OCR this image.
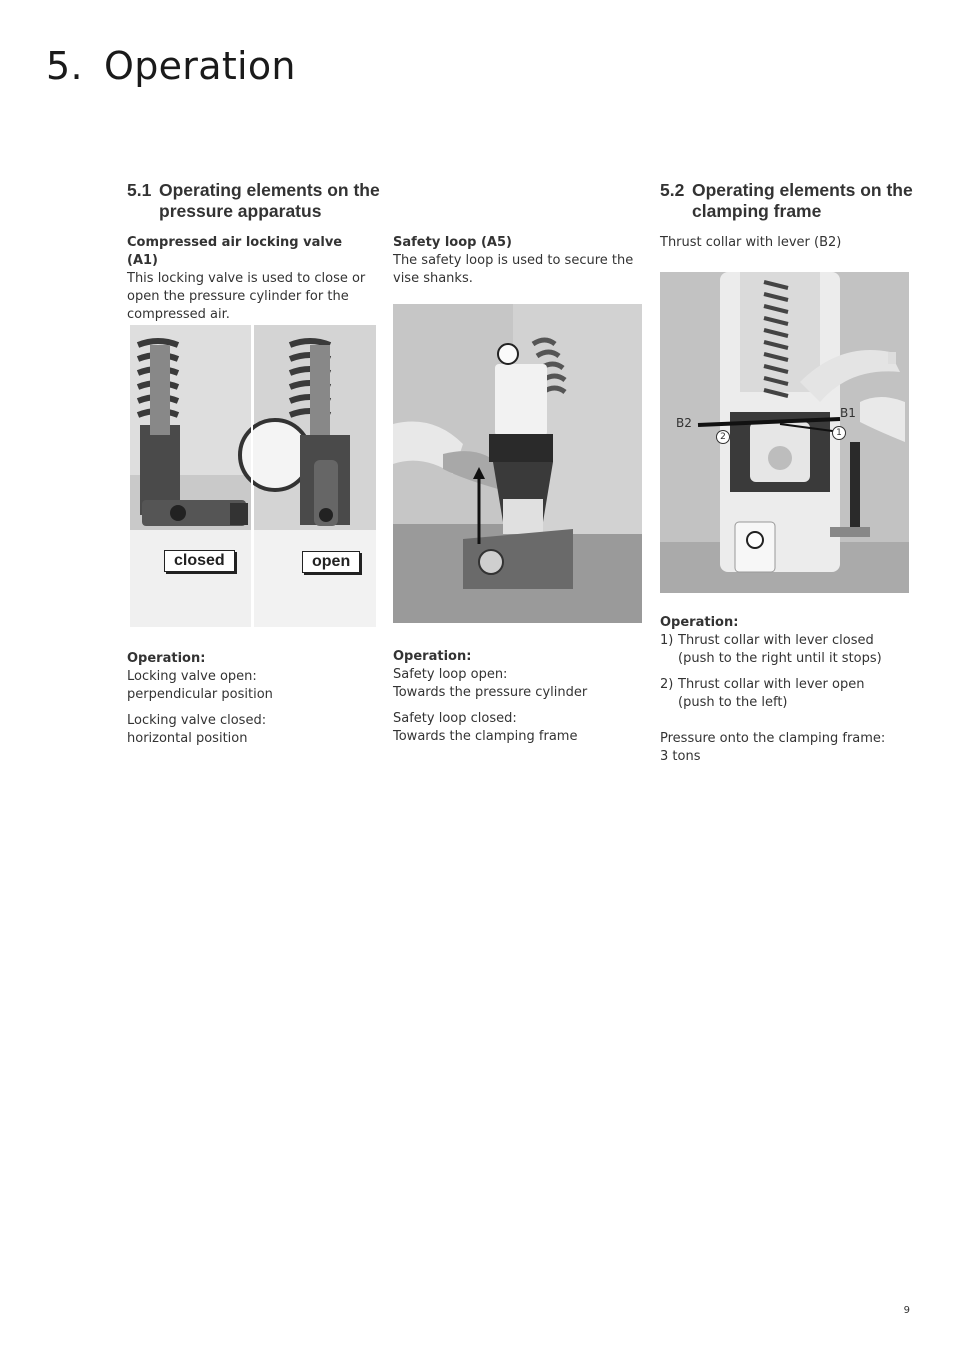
5. Operation
5.1 Operating elements on the
pressure apparatus
Compressed air locking valve (A1)
This locking valve is used to close or
open the pressure cylinder for the
compressed air.
closed	open
Operation:
Locking valve open:
perpendicular position
Locking valve closed:
horizontal position
Safety loop (A5)
The safety loop is used to secure the
vise shanks.
Operation:
Safety loop open:
Towards the pressure cylinder
Safety loop closed:
Towards the clamping frame
5.2 Operating elements on the
clamping frame
Thrust collar with lever (B2)
B2
B1
2	1
Operation:
1) Thrust collar with lever closed
(push to the right until it stops)
2) Thrust collar with lever open
(push to the left)
Pressure onto the clamping frame:
3 tons
9
